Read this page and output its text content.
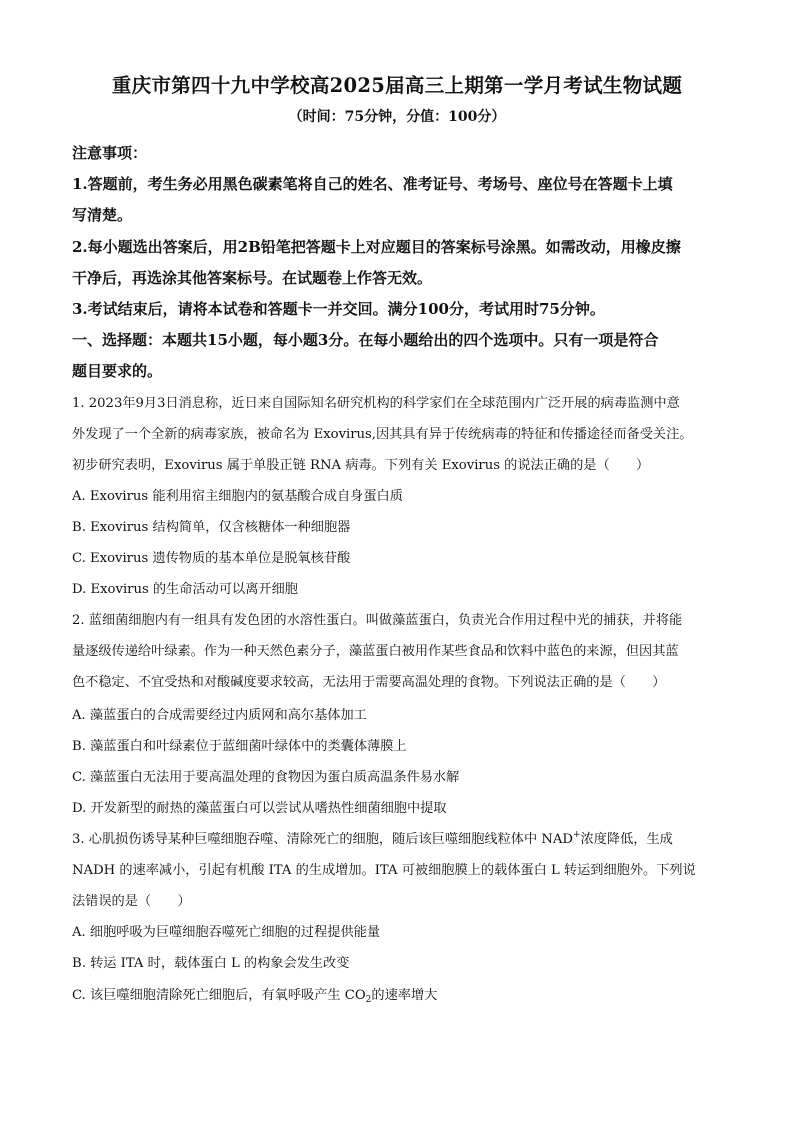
重庆市第四十九中学校高2025届高三上期第一学月考试生物试题
（时间：75分钟，分值：100分）
注意事项：
1.答题前，考生务必用黑色碳素笔将自己的姓名、准考证号、考场号、座位号在答题卡上填
写清楚。
2.每小题选出答案后，用2B铅笔把答题卡上对应题目的答案标号涂黑。如需改动，用橡皮擦
干净后，再选涂其他答案标号。在试题卷上作答无效。
3.考试结束后，请将本试卷和答题卡一并交回。满分100分，考试用时75分钟。
一、选择题：本题共15小题，每小题3分。在每小题给出的四个选项中。只有一项是符合
题目要求的。
1. 2023年9月3日消息称，近日来自国际知名研究机构的科学家们在全球范围内广泛开展的病毒监测中意
外发现了一个全新的病毒家族，被命名为 Exovirus,因其具有异于传统病毒的特征和传播途径而备受关注。
初步研究表明，Exovirus 属于单股正链 RNA 病毒。下列有关 Exovirus 的说法正确的是（　　）
A. Exovirus 能利用宿主细胞内的氨基酸合成自身蛋白质
B. Exovirus 结构简单，仅含核糖体一种细胞器
C. Exovirus 遗传物质的基本单位是脱氧核苷酸
D. Exovirus 的生命活动可以离开细胞
2. 蓝细菌细胞内有一组具有发色团的水溶性蛋白。叫做藻蓝蛋白，负责光合作用过程中光的捕获，并将能
量逐级传递给叶绿素。作为一种天然色素分子，藻蓝蛋白被用作某些食品和饮料中蓝色的来源，但因其蓝
色不稳定、不宜受热和对酸碱度要求较高，无法用于需要高温处理的食物。下列说法正确的是（　　）
A. 藻蓝蛋白的合成需要经过内质网和高尔基体加工
B. 藻蓝蛋白和叶绿素位于蓝细菌叶绿体中的类囊体薄膜上
C. 藻蓝蛋白无法用于要高温处理的食物因为蛋白质高温条件易水解
D. 开发新型的耐热的藻蓝蛋白可以尝试从嗜热性细菌细胞中提取
3. 心肌损伤诱导某种巨噬细胞吞噬、清除死亡的细胞，随后该巨噬细胞线粒体中 NAD+浓度降低，生成
NADH 的速率减小，引起有机酸 ITA 的生成增加。ITA 可被细胞膜上的载体蛋白 L 转运到细胞外。下列说
法错误的是（　　）
A. 细胞呼吸为巨噬细胞吞噬死亡细胞的过程提供能量
B. 转运 ITA 时，载体蛋白 L 的构象会发生改变
C. 该巨噬细胞清除死亡细胞后，有氧呼吸产生 $CO_2$的速率增大
